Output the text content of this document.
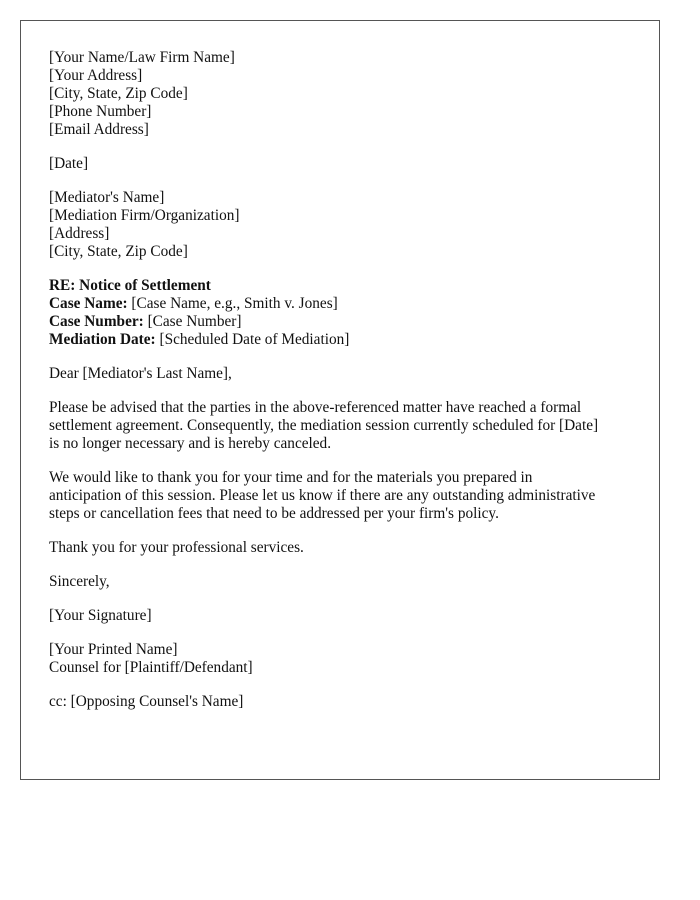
[Your Name/Law Firm Name]
[Your Address]
[City, State, Zip Code]
[Phone Number]
[Email Address]
[Date]
[Mediator's Name]
[Mediation Firm/Organization]
[Address]
[City, State, Zip Code]
RE: Notice of Settlement
Case Name: [Case Name, e.g., Smith v. Jones]
Case Number: [Case Number]
Mediation Date: [Scheduled Date of Mediation]
Dear [Mediator's Last Name],
Please be advised that the parties in the above-referenced matter have reached a formal
settlement agreement. Consequently, the mediation session currently scheduled for [Date]
is no longer necessary and is hereby canceled.
We would like to thank you for your time and for the materials you prepared in
anticipation of this session. Please let us know if there are any outstanding administrative
steps or cancellation fees that need to be addressed per your firm's policy.
Thank you for your professional services.
Sincerely,
[Your Signature]
[Your Printed Name]
Counsel for [Plaintiff/Defendant]
cc: [Opposing Counsel's Name]
